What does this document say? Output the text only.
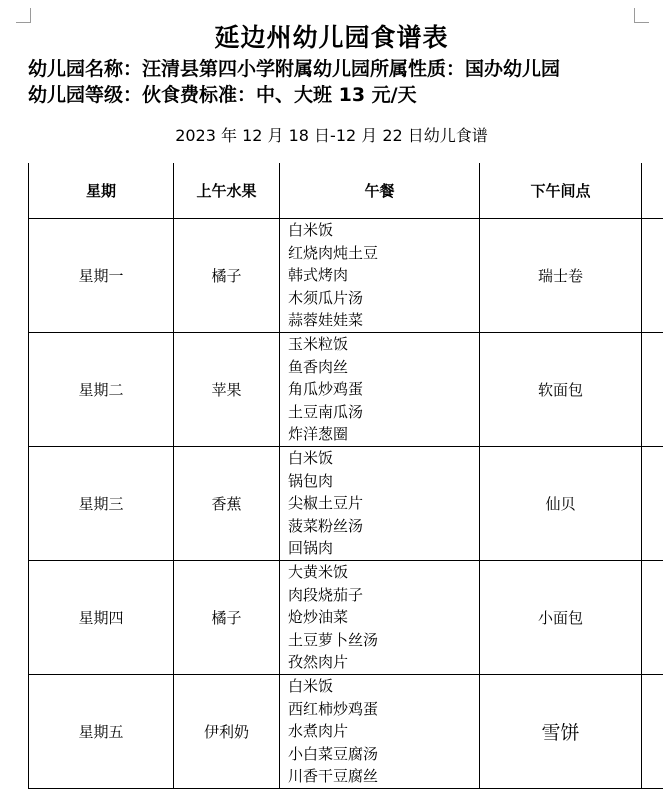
延边州幼儿园食谱表
幼儿园名称：汪清县第四小学附属幼儿园所属性质：国办幼儿园
幼儿园等级：伙食费标准：中、大班 13 元/天
2023 年 12 月 18 日-12 月 22 日幼儿食谱
星期	上午水果	午餐	下午间点	
星期一	橘子	白米饭
红烧肉炖土豆
韩式烤肉
木须瓜片汤
蒜蓉娃娃菜	瑞士卷	
星期二	苹果	玉米粒饭
鱼香肉丝
角瓜炒鸡蛋
土豆南瓜汤
炸洋葱圈	软面包	
星期三	香蕉	白米饭
锅包肉
尖椒土豆片
菠菜粉丝汤
回锅肉	仙贝	
星期四	橘子	大黄米饭
肉段烧茄子
炝炒油菜
土豆萝卜丝汤
孜然肉片	小面包	
星期五	伊利奶	白米饭
西红柿炒鸡蛋
水煮肉片
小白菜豆腐汤
川香干豆腐丝	雪饼	
